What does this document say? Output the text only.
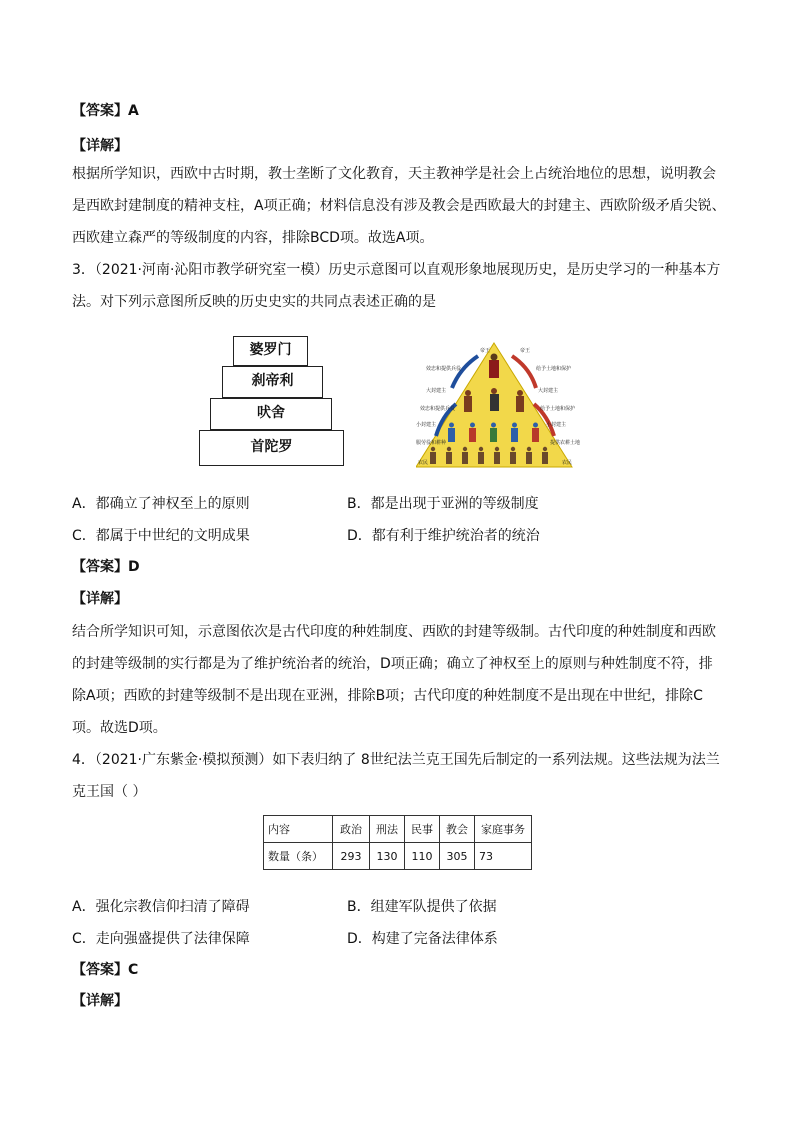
【答案】A
【详解】
根据所学知识，西欧中古时期，教士垄断了文化教育，天主教神学是社会上占统治地位的思想，说明教会
是西欧封建制度的精神支柱，A项正确；材料信息没有涉及教会是西欧最大的封建主、西欧阶级矛盾尖锐、
西欧建立森严的等级制度的内容，排除BCD项。故选A项。
3．（2021·河南·沁阳市教学研究室一模）历史示意图可以直观形象地展现历史，是历史学习的一种基本方
法。对下列示意图所反映的历史史实的共同点表述正确的是
婆罗门
刹帝利
吠舍
首陀罗
帝王	帝王
效忠和提供兵役	给予土地和保护
大封建主	大封建主
效忠和提供兵役	给予土地和保护
小封建主	小封建主
服劳役和耕种	提供农耕土地
农民	农民
A．都确立了神权至上的原则	B．都是出现于亚洲的等级制度
C．都属于中世纪的文明成果	D．都有利于维护统治者的统治
【答案】D
【详解】
结合所学知识可知，示意图依次是古代印度的种姓制度、西欧的封建等级制。古代印度的种姓制度和西欧
的封建等级制的实行都是为了维护统治者的统治，D项正确；确立了神权至上的原则与种姓制度不符，排
除A项；西欧的封建等级制不是出现在亚洲，排除B项；古代印度的种姓制度不是出现在中世纪，排除C
项。故选D项。
4．（2021·广东紫金·模拟预测）如下表归纳了 8世纪法兰克王国先后制定的一系列法规。这些法规为法兰
克王国（ ）
内容	政治	刑法	民事	教会	家庭事务
数量（条）	293	130	110	305	73
A．强化宗教信仰扫清了障碍	B．组建军队提供了依据
C．走向强盛提供了法律保障	D．构建了完备法律体系
【答案】C
【详解】
